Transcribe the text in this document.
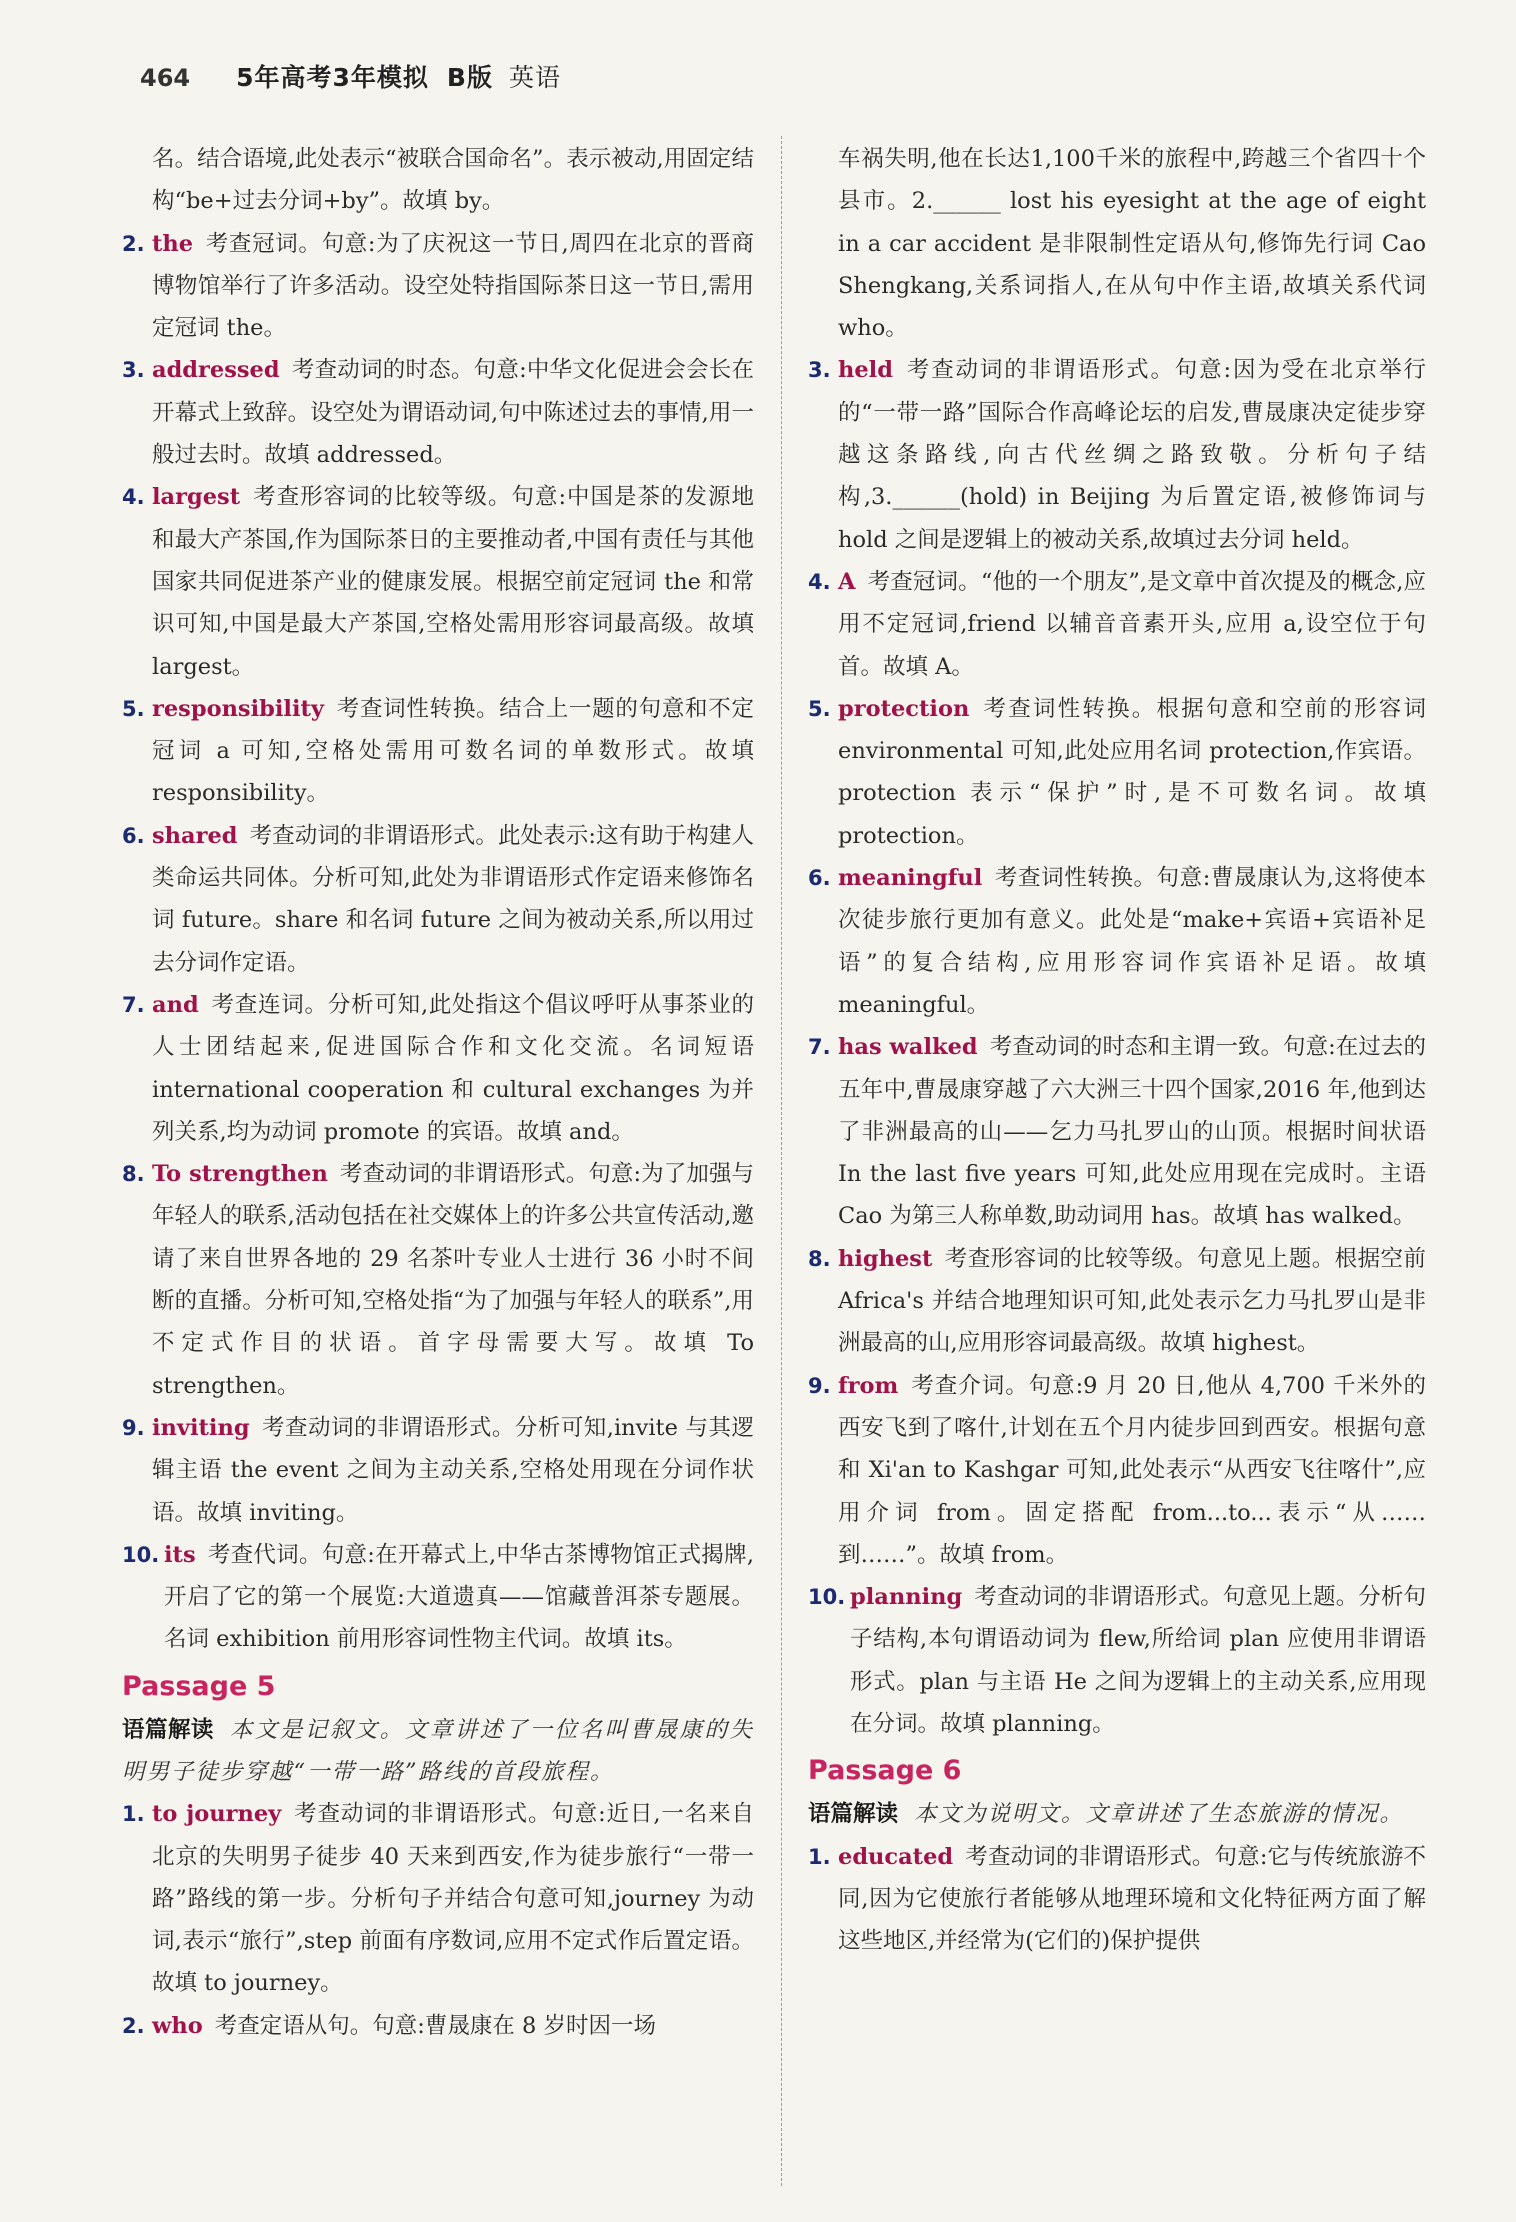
464 5年高考3年模拟 B版 英语
名。结合语境,此处表示“被联合国命名”。表示被动,用固定结构“be+过去分词+by”。故填 by。
2. the 考查冠词。句意:为了庆祝这一节日,周四在北京的晋商博物馆举行了许多活动。设空处特指国际茶日这一节日,需用定冠词 the。
3. addressed 考查动词的时态。句意:中华文化促进会会长在开幕式上致辞。设空处为谓语动词,句中陈述过去的事情,用一般过去时。故填 addressed。
4. largest 考查形容词的比较等级。句意:中国是茶的发源地和最大产茶国,作为国际茶日的主要推动者,中国有责任与其他国家共同促进茶产业的健康发展。根据空前定冠词 the 和常识可知,中国是最大产茶国,空格处需用形容词最高级。故填 largest。
5. responsibility 考查词性转换。结合上一题的句意和不定冠词 a 可知,空格处需用可数名词的单数形式。故填 responsibility。
6. shared 考查动词的非谓语形式。此处表示:这有助于构建人类命运共同体。分析可知,此处为非谓语形式作定语来修饰名词 future。share 和名词 future 之间为被动关系,所以用过去分词作定语。
7. and 考查连词。分析可知,此处指这个倡议呼吁从事茶业的人士团结起来,促进国际合作和文化交流。名词短语 international cooperation 和 cultural exchanges 为并列关系,均为动词 promote 的宾语。故填 and。
8. To strengthen 考查动词的非谓语形式。句意:为了加强与年轻人的联系,活动包括在社交媒体上的许多公共宣传活动,邀请了来自世界各地的 29 名茶叶专业人士进行 36 小时不间断的直播。分析可知,空格处指“为了加强与年轻人的联系”,用不定式作目的状语。首字母需要大写。故填 To strengthen。
9. inviting 考查动词的非谓语形式。分析可知,invite 与其逻辑主语 the event 之间为主动关系,空格处用现在分词作状语。故填 inviting。
10. its 考查代词。句意:在开幕式上,中华古茶博物馆正式揭牌,开启了它的第一个展览:大道遗真——馆藏普洱茶专题展。名词 exhibition 前用形容词性物主代词。故填 its。
Passage 5
语篇解读 本文是记叙文。文章讲述了一位名叫曹晟康的失明男子徒步穿越“一带一路”路线的首段旅程。
1. to journey 考查动词的非谓语形式。句意:近日,一名来自北京的失明男子徒步 40 天来到西安,作为徒步旅行“一带一路”路线的第一步。分析句子并结合句意可知,journey 为动词,表示“旅行”,step 前面有序数词,应用不定式作后置定语。故填 to journey。
2. who 考查定语从句。句意:曹晟康在 8 岁时因一场
车祸失明,他在长达1,100千米的旅程中,跨越三个省四十个县市。2.______ lost his eyesight at the age of eight in a car accident 是非限制性定语从句,修饰先行词 Cao Shengkang,关系词指人,在从句中作主语,故填关系代词 who。
3. held 考查动词的非谓语形式。句意:因为受在北京举行的“一带一路”国际合作高峰论坛的启发,曹晟康决定徒步穿越这条路线,向古代丝绸之路致敬。分析句子结构,3.______(hold) in Beijing 为后置定语,被修饰词与 hold 之间是逻辑上的被动关系,故填过去分词 held。
4. A 考查冠词。“他的一个朋友”,是文章中首次提及的概念,应用不定冠词,friend 以辅音音素开头,应用 a,设空位于句首。故填 A。
5. protection 考查词性转换。根据句意和空前的形容词 environmental 可知,此处应用名词 protection,作宾语。protection 表示“保护”时,是不可数名词。故填 protection。
6. meaningful 考查词性转换。句意:曹晟康认为,这将使本次徒步旅行更加有意义。此处是“make+宾语+宾语补足语”的复合结构,应用形容词作宾语补足语。故填 meaningful。
7. has walked 考查动词的时态和主谓一致。句意:在过去的五年中,曹晟康穿越了六大洲三十四个国家,2016 年,他到达了非洲最高的山——乞力马扎罗山的山顶。根据时间状语 In the last five years 可知,此处应用现在完成时。主语 Cao 为第三人称单数,助动词用 has。故填 has walked。
8. highest 考查形容词的比较等级。句意见上题。根据空前 Africa's 并结合地理知识可知,此处表示乞力马扎罗山是非洲最高的山,应用形容词最高级。故填 highest。
9. from 考查介词。句意:9 月 20 日,他从 4,700 千米外的西安飞到了喀什,计划在五个月内徒步回到西安。根据句意和 Xi'an to Kashgar 可知,此处表示“从西安飞往喀什”,应用介词 from。固定搭配 from...to...表示“从……到……”。故填 from。
10. planning 考查动词的非谓语形式。句意见上题。分析句子结构,本句谓语动词为 flew,所给词 plan 应使用非谓语形式。plan 与主语 He 之间为逻辑上的主动关系,应用现在分词。故填 planning。
Passage 6
语篇解读 本文为说明文。文章讲述了生态旅游的情况。
1. educated 考查动词的非谓语形式。句意:它与传统旅游不同,因为它使旅行者能够从地理环境和文化特征两方面了解这些地区,并经常为(它们的)保护提供
